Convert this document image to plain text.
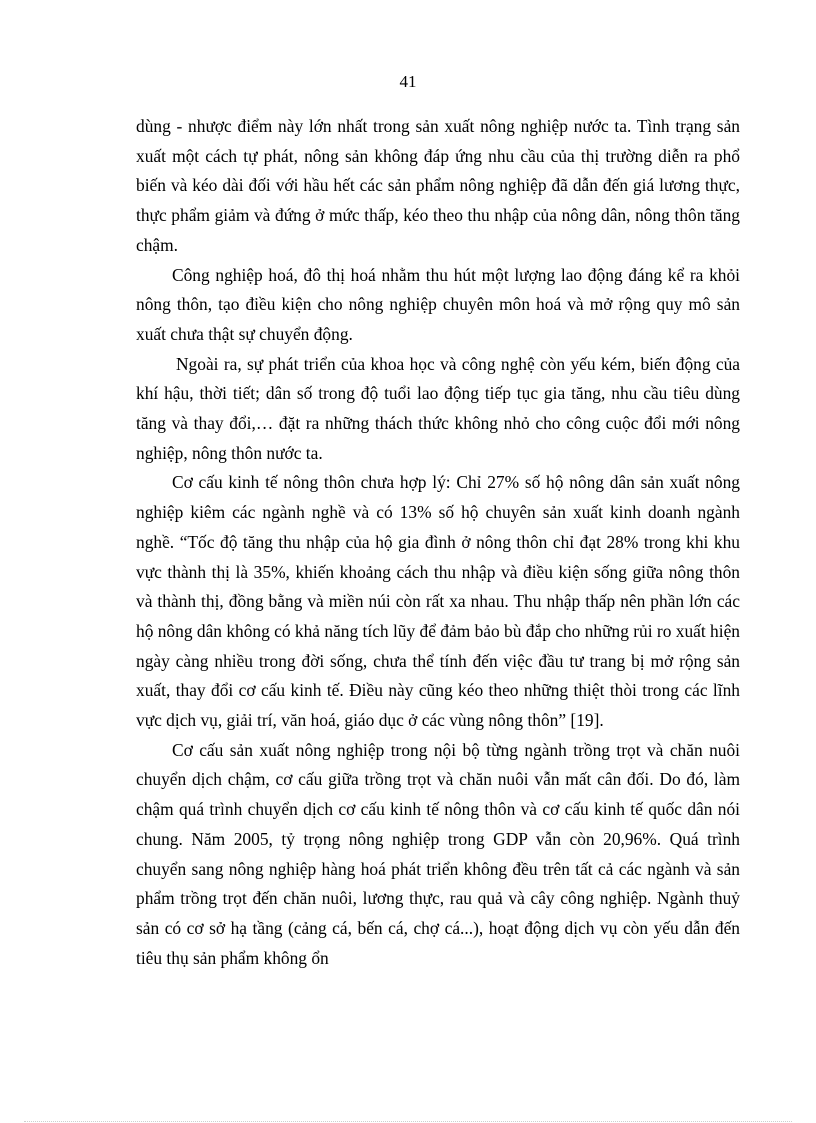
41

dùng - nhược điểm này lớn nhất trong sản xuất nông nghiệp nước ta. Tình trạng sản xuất một cách tự phát, nông sản không đáp ứng nhu cầu của thị trường diễn ra phổ biến và kéo dài đối với hầu hết các sản phẩm nông nghiệp đã dẫn đến giá lương thực, thực phẩm giảm và đứng ở mức thấp, kéo theo thu nhập của nông dân, nông thôn tăng chậm.

Công nghiệp hoá, đô thị hoá nhằm thu hút một lượng lao động đáng kể ra khỏi nông thôn, tạo điều kiện cho nông nghiệp chuyên môn hoá và mở rộng quy mô sản xuất chưa thật sự chuyển động.

Ngoài ra, sự phát triển của khoa học và công nghệ còn yếu kém, biến động của khí hậu, thời tiết; dân số trong độ tuổi lao động tiếp tục gia tăng, nhu cầu tiêu dùng tăng và thay đổi,… đặt ra những thách thức không nhỏ cho công cuộc đổi mới nông nghiệp, nông thôn nước ta.

Cơ cấu kinh tế nông thôn chưa hợp lý: Chỉ 27% số hộ nông dân sản xuất nông nghiệp kiêm các ngành nghề và có 13% số hộ chuyên sản xuất kinh doanh ngành nghề. “Tốc độ tăng thu nhập của hộ gia đình ở nông thôn chỉ đạt 28% trong khi khu vực thành thị là 35%, khiến khoảng cách thu nhập và điều kiện sống giữa nông thôn và thành thị, đồng bằng và miền núi còn rất xa nhau. Thu nhập thấp nên phần lớn các hộ nông dân không có khả năng tích lũy để đảm bảo bù đắp cho những rủi ro xuất hiện ngày càng nhiều trong đời sống, chưa thể tính đến việc đầu tư trang bị mở rộng sản xuất, thay đổi cơ cấu kinh tế. Điều này cũng kéo theo những thiệt thòi trong các lĩnh vực dịch vụ, giải trí, văn hoá, giáo dục ở các vùng nông thôn” [19].

Cơ cấu sản xuất nông nghiệp trong nội bộ từng ngành trồng trọt và chăn nuôi chuyển dịch chậm, cơ cấu giữa trồng trọt và chăn nuôi vẫn mất cân đối. Do đó, làm chậm quá trình chuyển dịch cơ cấu kinh tế nông thôn và cơ cấu kinh tế quốc dân nói chung. Năm 2005, tỷ trọng nông nghiệp trong GDP vẫn còn 20,96%. Quá trình chuyển sang nông nghiệp hàng hoá phát triển không đều trên tất cả các ngành và sản phẩm trồng trọt đến chăn nuôi, lương thực, rau quả và cây công nghiệp. Ngành thuỷ sản có cơ sở hạ tầng (cảng cá, bến cá, chợ cá...), hoạt động dịch vụ còn yếu dẫn đến tiêu thụ sản phẩm không ổn
